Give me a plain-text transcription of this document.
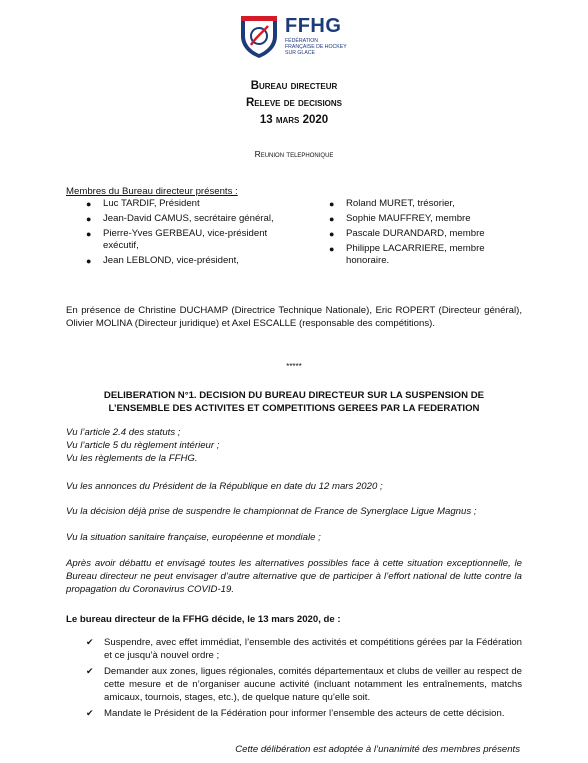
FFHG
FÉDÉRATION FRANÇAISE DE HOCKEY SUR GLACE
Bureau directeur
Releve de decisions
13 mars 2020
Reunion telephonique
Membres du Bureau directeur présents :
● Luc TARDIF, Président
● Jean-David CAMUS, secrétaire général,
● Pierre-Yves GERBEAU, vice-président exécutif,
● Jean LEBLOND, vice-président,
● Roland MURET, trésorier,
● Sophie MAUFFREY, membre
● Pascale DURANDARD, membre
● Philippe LACARRIERE, membre honoraire.
En présence de Christine DUCHAMP (Directrice Technique Nationale), Eric ROPERT (Directeur général), Olivier MOLINA (Directeur juridique) et Axel ESCALLE (responsable des compétitions).
*****
DELIBERATION N°1. DECISION DU BUREAU DIRECTEUR SUR LA SUSPENSION DE
L’ENSEMBLE DES ACTIVITES ET COMPETITIONS GEREES PAR LA FEDERATION
Vu l’article 2.4 des statuts ;
Vu l’article 5 du règlement intérieur ;
Vu les règlements de la FFHG.
Vu les annonces du Président de la République en date du 12 mars 2020 ;
Vu la décision déjà prise de suspendre le championnat de France de Synerglace Ligue Magnus ;
Vu la situation sanitaire française, européenne et mondiale ;
Après avoir débattu et envisagé toutes les alternatives possibles face à cette situation exceptionnelle, le Bureau directeur ne peut envisager d’autre alternative que de participer à l’effort national de lutte contre la propagation du Coronavirus COVID-19.
Le bureau directeur de la FFHG décide, le 13 mars 2020, de :
✔ Suspendre, avec effet immédiat, l’ensemble des activités et compétitions gérées par la Fédération et ce jusqu’à nouvel ordre ;
✔ Demander aux zones, ligues régionales, comités départementaux et clubs de veiller au respect de cette mesure et de n’organiser aucune activité (incluant notamment les entraînements, matchs amicaux, tournois, stages, etc.), de quelque nature qu’elle soit.
✔ Mandate le Président de la Fédération pour informer l’ensemble des acteurs de cette décision.
Cette délibération est adoptée à l’unanimité des membres présents
